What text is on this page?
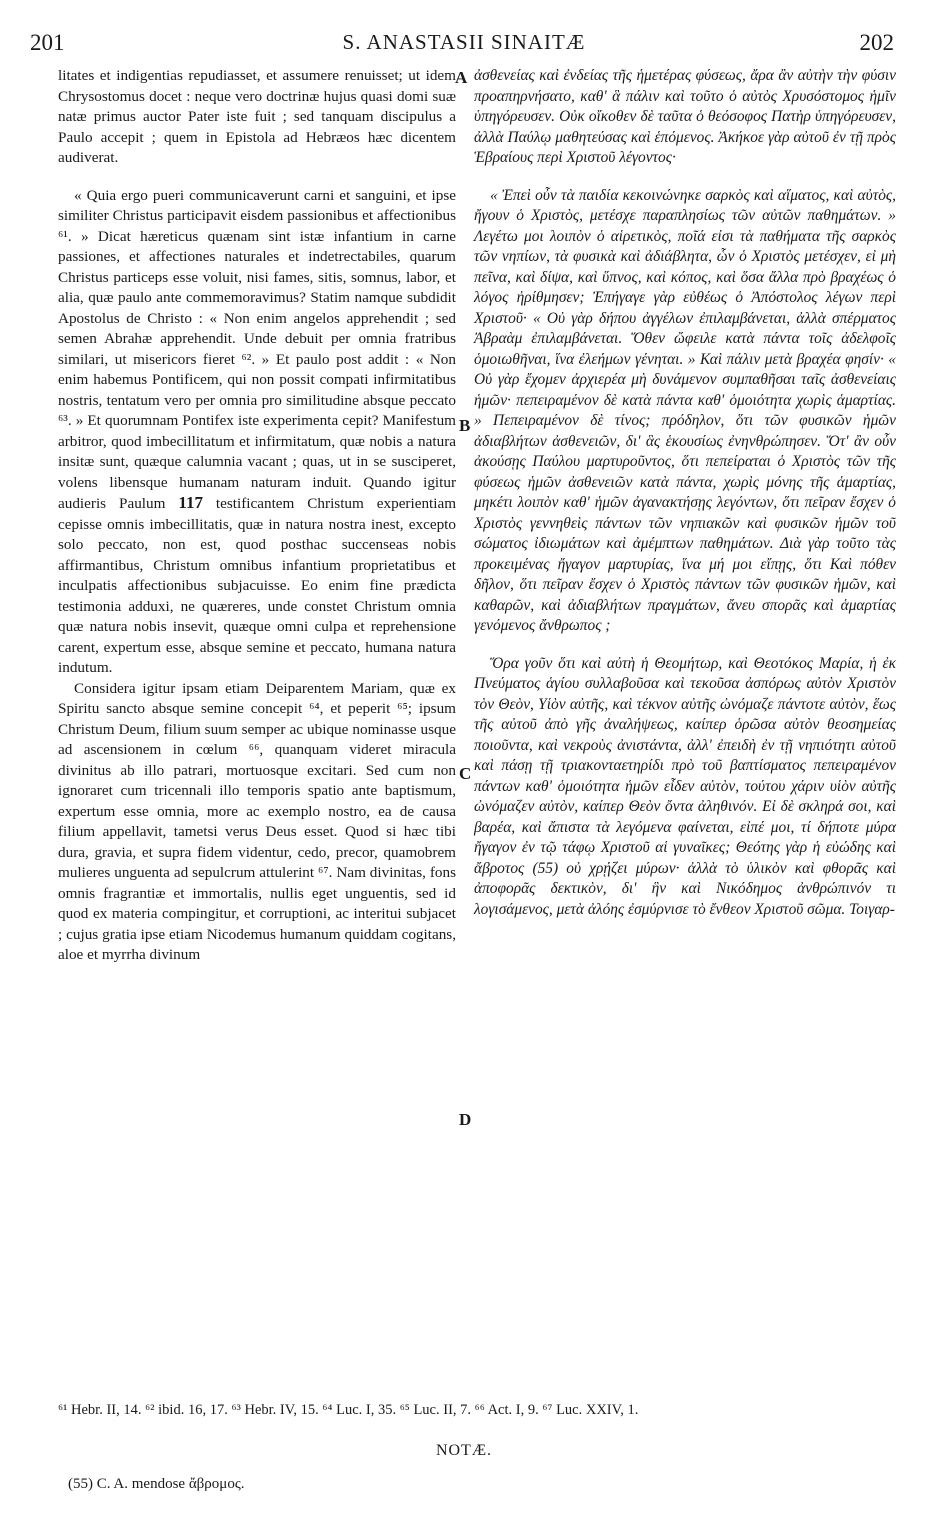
201	S. ANASTASII SINAITÆ	202

litates et indigentias repudiasset, et assumere renuisset; ut idem Chrysostomus docet : neque vero doctrinæ hujus quasi domi suæ natæ primus auctor Pater iste fuit ; sed tanquam discipulus a Paulo accepit ; quem in Epistola ad Hebræos hæc dicentem audiverat.

« Quia ergo pueri communicaverunt carni et sanguini, et ipse similiter Christus participavit eisdem passionibus et affectionibus ⁶¹. » Dicat hæreticus quænam sint istæ infantium in carne passiones, et affectiones naturales et indetrectabiles, quarum Christus particeps esse voluit, nisi fames, sitis, somnus, labor, et alia, quæ paulo ante commemoravimus? Statim namque subdidit Apostolus de Christo : « Non enim angelos apprehendit ; sed semen Abrahæ apprehendit. Unde debuit per omnia fratribus similari, ut misericors fieret ⁶². » Et paulo post addit : « Non enim habemus Pontificem, qui non possit compati infirmitatibus nostris, tentatum vero per omnia pro similitudine absque peccato ⁶³. » Et quorumnam Pontifex iste experimenta cepit? Manifestum arbitror, quod imbecillitatum et infirmitatum, quæ nobis a natura insitæ sunt, quæque calumnia vacant ; quas, ut in se susciperet, volens libensque humanam naturam induit. Quando igitur audieris Paulum 117 testificantem Christum experientiam cepisse omnis imbecillitatis, quæ in natura nostra inest, excepto solo peccato, non est, quod posthac succenseas nobis affirmantibus, Christum omnibus infantium proprietatibus et inculpatis affectionibus subjacuisse. Eo enim fine prædicta testimonia adduxi, ne quæreres, unde constet Christum omnia quæ natura nobis insevit, quæque omni culpa et reprehensione carent, expertum esse, absque semine et peccato, humana natura indutum.

Considera igitur ipsam etiam Deiparentem Mariam, quæ ex Spiritu sancto absque semine concepit ⁶⁴, et peperit ⁶⁵; ipsum Christum Deum, filium suum semper ac ubique nominasse usque ad ascensionem in cœlum ⁶⁶, quanquam videret miracula divinitus ab illo patrari, mortuosque excitari. Sed cum non ignoraret cum tricennali illo temporis spatio ante baptismum, expertum esse omnia, more ac exemplo nostro, ea de causa filium appellavit, tametsi verus Deus esset. Quod si hæc tibi dura, gravia, et supra fidem videntur, cedo, precor, quamobrem mulieres unguenta ad sepulcrum attulerint ⁶⁷. Nam divinitas, fons omnis fragrantiæ et immortalis, nullis eget unguentis, sed id quod ex materia compingitur, et corruptioni, ac interitui subjacet ; cujus gratia ipse etiam Nicodemus humanum quiddam cogitans, aloe et myrrha divinum

ἀσθενείας καὶ ἐνδείας τῆς ἡμετέρας φύσεως, ἄρα ἂν αὐτὴν τὴν φύσιν προαπηρνήσατο, καθ' ἃ πάλιν καὶ τοῦτο ὁ αὐτὸς Χρυσόστομος ἡμῖν ὑπηγόρευσεν. Οὐκ οἴκοθεν δὲ ταῦτα ὁ θεόσοφος Πατὴρ ὑπηγόρευσεν, ἀλλὰ Παύλῳ μαθητεύσας καὶ ἑπόμενος. Ἀκήκοε γὰρ αὐτοῦ ἐν τῇ πρὸς Ἑβραίους περὶ Χριστοῦ λέγοντος·

« Ἐπεὶ οὖν τὰ παιδία κεκοινώνηκε σαρκὸς καὶ αἵματος, καὶ αὐτὸς, ἤγουν ὁ Χριστὸς, μετέσχε παραπλησίως τῶν αὐτῶν παθημάτων. » Λεγέτω μοι λοιπὸν ὁ αἱρετικὸς, ποῖά εἰσι τὰ παθήματα τῆς σαρκὸς τῶν νηπίων, τὰ φυσικὰ καὶ ἀδιάβλητα, ὧν ὁ Χριστὸς μετέσχεν, εἰ μὴ πεῖνα, καὶ δίψα, καὶ ὕπνος, καὶ κόπος, καὶ ὅσα ἄλλα πρὸ βραχέως ὁ λόγος ἠρίθμησεν; Ἐπήγαγε γὰρ εὐθέως ὁ Ἀπόστολος λέγων περὶ Χριστοῦ· « Οὐ γὰρ δήπου ἀγγέλων ἐπιλαμβάνεται, ἀλλὰ σπέρματος Ἀβραὰμ ἐπιλαμβάνεται. Ὅθεν ὤφειλε κατὰ πάντα τοῖς ἀδελφοῖς ὁμοιωθῆναι, ἵνα ἐλεήμων γένηται. » Καὶ πάλιν μετὰ βραχέα φησίν· « Οὐ γὰρ ἔχομεν ἀρχιερέα μὴ δυνάμενον συμπαθῆσαι ταῖς ἀσθενείαις ἡμῶν· πεπειραμένον δὲ κατὰ πάντα καθ' ὁμοιότητα χωρὶς ἁμαρτίας. » Πεπειραμένον δὲ τίνος; πρόδηλον, ὅτι τῶν φυσικῶν ἡμῶν ἀδιαβλήτων ἀσθενειῶν, δι' ἃς ἑκουσίως ἐνηνθρώπησεν. Ὅτ' ἂν οὖν ἀκούσῃς Παύλου μαρτυροῦντος, ὅτι πεπείραται ὁ Χριστὸς τῶν τῆς φύσεως ἡμῶν ἀσθενειῶν κατὰ πάντα, χωρὶς μόνης τῆς ἁμαρτίας, μηκέτι λοιπὸν καθ' ἡμῶν ἀγανακτήσῃς λεγόντων, ὅτι πεῖραν ἔσχεν ὁ Χριστὸς γεννηθεὶς πάντων τῶν νηπιακῶν καὶ φυσικῶν ἡμῶν τοῦ σώματος ἰδιωμάτων καὶ ἀμέμπτων παθημάτων. Διὰ γὰρ τοῦτο τὰς προκειμένας ἤγαγον μαρτυρίας, ἵνα μή μοι εἴπῃς, ὅτι Καὶ πόθεν δῆλον, ὅτι πεῖραν ἔσχεν ὁ Χριστὸς πάντων τῶν φυσικῶν ἡμῶν, καὶ καθαρῶν, καὶ ἀδιαβλήτων πραγμάτων, ἄνευ σπορᾶς καὶ ἁμαρτίας γενόμενος ἄνθρωπος ;

Ὅρα γοῦν ὅτι καὶ αὐτὴ ἡ Θεομήτωρ, καὶ Θεοτόκος Μαρία, ἡ ἐκ Πνεύματος ἁγίου συλλαβοῦσα καὶ τεκοῦσα ἀσπόρως αὐτὸν Χριστὸν τὸν Θεὸν, Υἱὸν αὐτῆς, καὶ τέκνον αὐτῆς ὠνόμαζε πάντοτε αὐτὸν, ἕως τῆς αὐτοῦ ἀπὸ γῆς ἀναλήψεως, καίπερ ὁρῶσα αὐτὸν θεοσημείας ποιοῦντα, καὶ νεκροὺς ἀνιστάντα, ἀλλ' ἐπειδὴ ἐν τῇ νηπιότητι αὐτοῦ καὶ πάσῃ τῇ τριακονταετηρίδι πρὸ τοῦ βαπτίσματος πεπειραμένον πάντων καθ' ὁμοιότητα ἡμῶν εἶδεν αὐτὸν, τούτου χάριν υἱὸν αὐτῆς ὠνόμαζεν αὐτὸν, καίπερ Θεὸν ὄντα ἀληθινόν. Εἰ δὲ σκληρά σοι, καὶ βαρέα, καὶ ἄπιστα τὰ λεγόμενα φαίνεται, εἰπέ μοι, τί δήποτε μύρα ἤγαγον ἐν τῷ τάφῳ Χριστοῦ αἱ γυναῖκες; Θεότης γὰρ ἡ εὐώδης καὶ ἄβροτος (55) οὐ χρῄζει μύρων· ἀλλὰ τὸ ὑλικὸν καὶ φθορᾶς καὶ ἀποφορᾶς δεκτικὸν, δι' ἣν καὶ Νικόδημος ἀνθρώπινόν τι λογισάμενος, μετὰ ἀλόης ἐσμύρνισε τὸ ἔνθεον Χριστοῦ σῶμα. Τοιγαρ-

A
B
C
D
⁶¹ Hebr. II, 14. ⁶² ibid. 16, 17. ⁶³ Hebr. IV, 15. ⁶⁴ Luc. I, 35. ⁶⁵ Luc. II, 7. ⁶⁶ Act. I, 9. ⁶⁷ Luc. XXIV, 1.
NOTÆ.
(55) C. A. mendose ἄβρομος.
